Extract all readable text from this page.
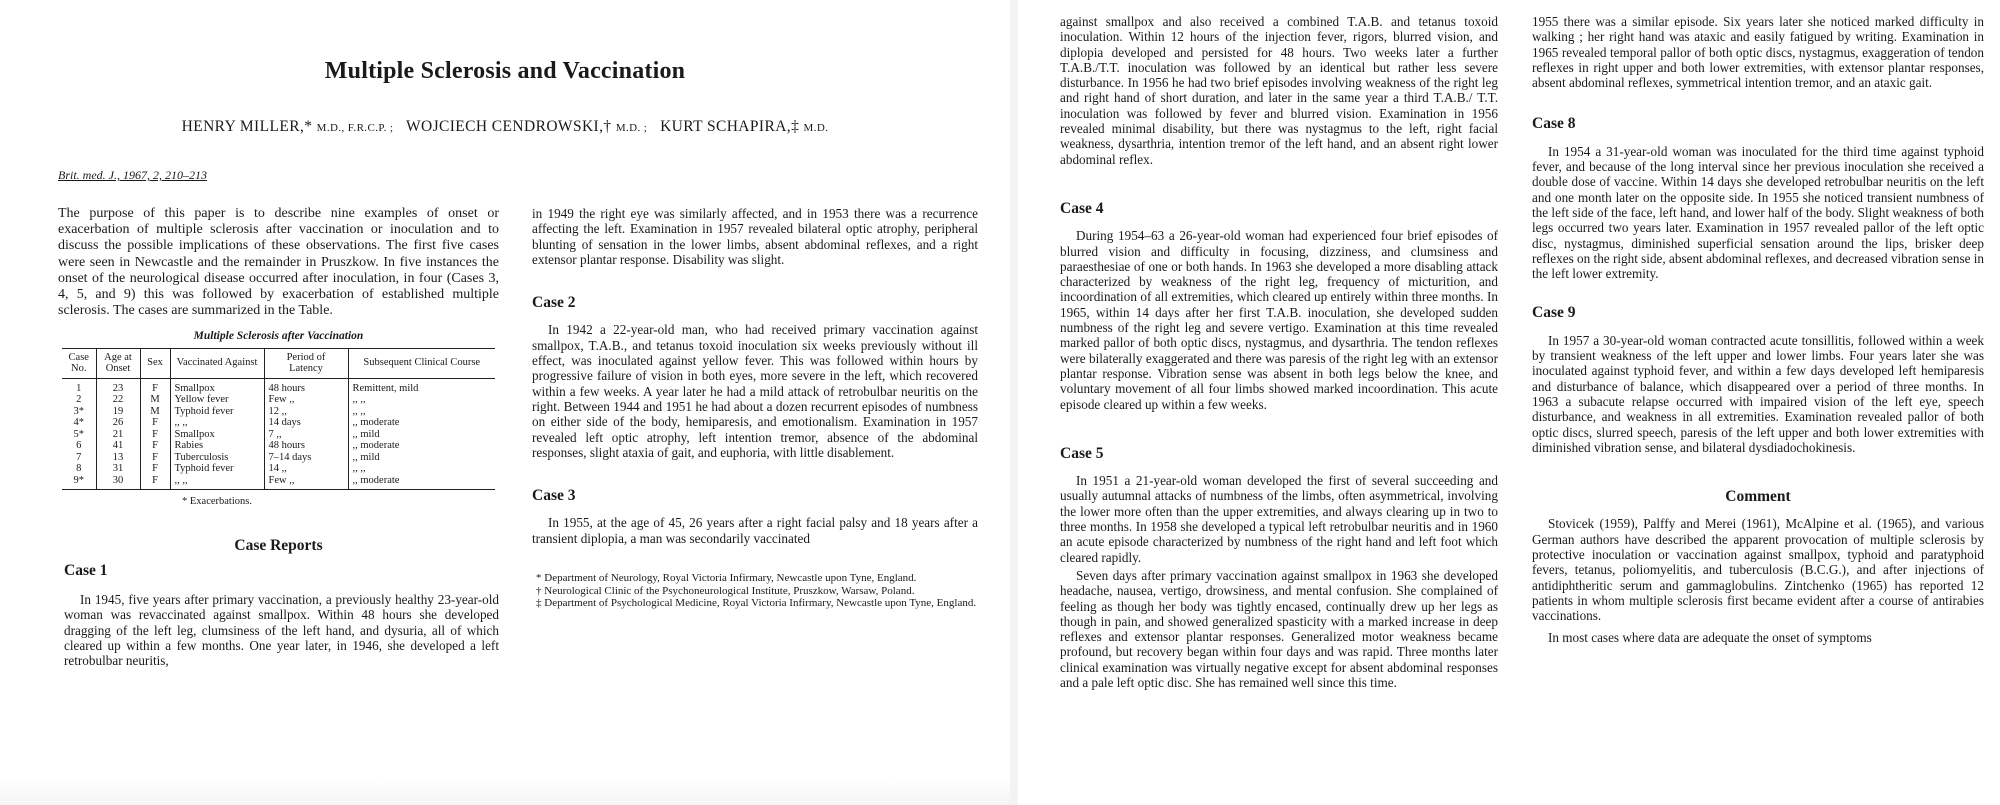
Multiple Sclerosis and Vaccination
HENRY MILLER,* M.D., F.R.C.P. ; WOJCIECH CENDROWSKI,† M.D. ; KURT SCHAPIRA,‡ M.D.
Brit. med. J., 1967, 2, 210–213

The purpose of this paper is to describe nine examples of onset or exacerbation of multiple sclerosis after vaccination or inoculation and to discuss the possible implications of these observations. The first five cases were seen in Newcastle and the remainder in Pruszkow. In five instances the onset of the neurological disease occurred after inoculation, in four (Cases 3, 4, 5, and 9) this was followed by exacerbation of established multiple sclerosis. The cases are summarized in the Table.

Multiple Sclerosis after Vaccination
Case No.	Age at Onset	Sex	Vaccinated Against	Period of Latency	Subsequent Clinical Course
1	23	F	Smallpox	48 hours	Remittent, mild
2	22	M	Yellow fever	Few ,,	,, ,,
3*	19	M	Typhoid fever	12 ,,	,, ,,
4*	26	F	,, ,,	14 days	,, moderate
5*	21	F	Smallpox	7 ,,	,, mild
6	41	F	Rabies	48 hours	,, moderate
7	13	F	Tuberculosis	7–14 days	,, mild
8	31	F	Typhoid fever	14 ,,	,, ,,
9*	30	F	,, ,,	Few ,,	,, moderate
* Exacerbations.
Case Reports
Case 1

In 1945, five years after primary vaccination, a previously healthy 23-year-old woman was revaccinated against smallpox. Within 48 hours she developed dragging of the left leg, clumsiness of the left hand, and dysuria, all of which cleared up within a few months. One year later, in 1946, she developed a left retrobulbar neuritis,

in 1949 the right eye was similarly affected, and in 1953 there was a recurrence affecting the left. Examination in 1957 revealed bilateral optic atrophy, peripheral blunting of sensation in the lower limbs, absent abdominal reflexes, and a right extensor plantar response. Disability was slight.

Case 2

In 1942 a 22-year-old man, who had received primary vaccination against smallpox, T.A.B., and tetanus toxoid inoculation six weeks previously without ill effect, was inoculated against yellow fever. This was followed within hours by progressive failure of vision in both eyes, more severe in the left, which recovered within a few weeks. A year later he had a mild attack of retrobulbar neuritis on the right. Between 1944 and 1951 he had about a dozen recurrent episodes of numbness on either side of the body, hemiparesis, and emotionalism. Examination in 1957 revealed left optic atrophy, left intention tremor, absence of the abdominal responses, slight ataxia of gait, and euphoria, with little disablement.

Case 3

In 1955, at the age of 45, 26 years after a right facial palsy and 18 years after a transient diplopia, a man was secondarily vaccinated

* Department of Neurology, Royal Victoria Infirmary, Newcastle upon Tyne, England.
† Neurological Clinic of the Psychoneurological Institute, Pruszkow, Warsaw, Poland.
‡ Department of Psychological Medicine, Royal Victoria Infirmary, Newcastle upon Tyne, England.

against smallpox and also received a combined T.A.B. and tetanus toxoid inoculation. Within 12 hours of the injection fever, rigors, blurred vision, and diplopia developed and persisted for 48 hours. Two weeks later a further T.A.B./T.T. inoculation was followed by an identical but rather less severe disturbance. In 1956 he had two brief episodes involving weakness of the right leg and right hand of short duration, and later in the same year a third T.A.B./ T.T. inoculation was followed by fever and blurred vision. Examination in 1956 revealed minimal disability, but there was nystagmus to the left, right facial weakness, dysarthria, intention tremor of the left hand, and an absent right lower abdominal reflex.

Case 4

During 1954–63 a 26-year-old woman had experienced four brief episodes of blurred vision and difficulty in focusing, dizziness, and clumsiness and paraesthesiae of one or both hands. In 1963 she developed a more disabling attack characterized by weakness of the right leg, frequency of micturition, and incoordination of all extremities, which cleared up entirely within three months. In 1965, within 14 days after her first T.A.B. inoculation, she developed sudden numbness of the right leg and severe vertigo. Examination at this time revealed marked pallor of both optic discs, nystagmus, and dysarthria. The tendon reflexes were bilaterally exaggerated and there was paresis of the right leg with an extensor plantar response. Vibration sense was absent in both legs below the knee, and voluntary movement of all four limbs showed marked incoordination. This acute episode cleared up within a few weeks.

Case 5

In 1951 a 21-year-old woman developed the first of several succeeding and usually autumnal attacks of numbness of the limbs, often asymmetrical, involving the lower more often than the upper extremities, and always clearing up in two to three months. In 1958 she developed a typical left retrobulbar neuritis and in 1960 an acute episode characterized by numbness of the right hand and left foot which cleared rapidly.

Seven days after primary vaccination against smallpox in 1963 she developed headache, nausea, vertigo, drowsiness, and mental confusion. She complained of feeling as though her body was tightly encased, continually drew up her legs as though in pain, and showed generalized spasticity with a marked increase in deep reflexes and extensor plantar responses. Generalized motor weakness became profound, but recovery began within four days and was rapid. Three months later clinical examination was virtually negative except for absent abdominal responses and a pale left optic disc. She has remained well since this time.

1955 there was a similar episode. Six years later she noticed marked difficulty in walking ; her right hand was ataxic and easily fatigued by writing. Examination in 1965 revealed temporal pallor of both optic discs, nystagmus, exaggeration of tendon reflexes in right upper and both lower extremities, with extensor plantar responses, absent abdominal reflexes, symmetrical intention tremor, and an ataxic gait.

Case 8

In 1954 a 31-year-old woman was inoculated for the third time against typhoid fever, and because of the long interval since her previous inoculation she received a double dose of vaccine. Within 14 days she developed retrobulbar neuritis on the left and one month later on the opposite side. In 1955 she noticed transient numbness of the left side of the face, left hand, and lower half of the body. Slight weakness of both legs occurred two years later. Examination in 1957 revealed pallor of the left optic disc, nystagmus, diminished superficial sensation around the lips, brisker deep reflexes on the right side, absent abdominal reflexes, and decreased vibration sense in the left lower extremity.

Case 9

In 1957 a 30-year-old woman contracted acute tonsillitis, followed within a week by transient weakness of the left upper and lower limbs. Four years later she was inoculated against typhoid fever, and within a few days developed left hemiparesis and disturbance of balance, which disappeared over a period of three months. In 1963 a subacute relapse occurred with impaired vision of the left eye, speech disturbance, and weakness in all extremities. Examination revealed pallor of both optic discs, slurred speech, paresis of the left upper and both lower extremities with diminished vibration sense, and bilateral dysdiadochokinesis.

Comment

Stovicek (1959), Palffy and Merei (1961), McAlpine et al. (1965), and various German authors have described the apparent provocation of multiple sclerosis by protective inoculation or vaccination against smallpox, typhoid and paratyphoid fevers, tetanus, poliomyelitis, and tuberculosis (B.C.G.), and after injections of antidiphtheritic serum and gammaglobulins. Zintchenko (1965) has reported 12 patients in whom multiple sclerosis first became evident after a course of antirabies vaccinations.

In most cases where data are adequate the onset of symptoms
